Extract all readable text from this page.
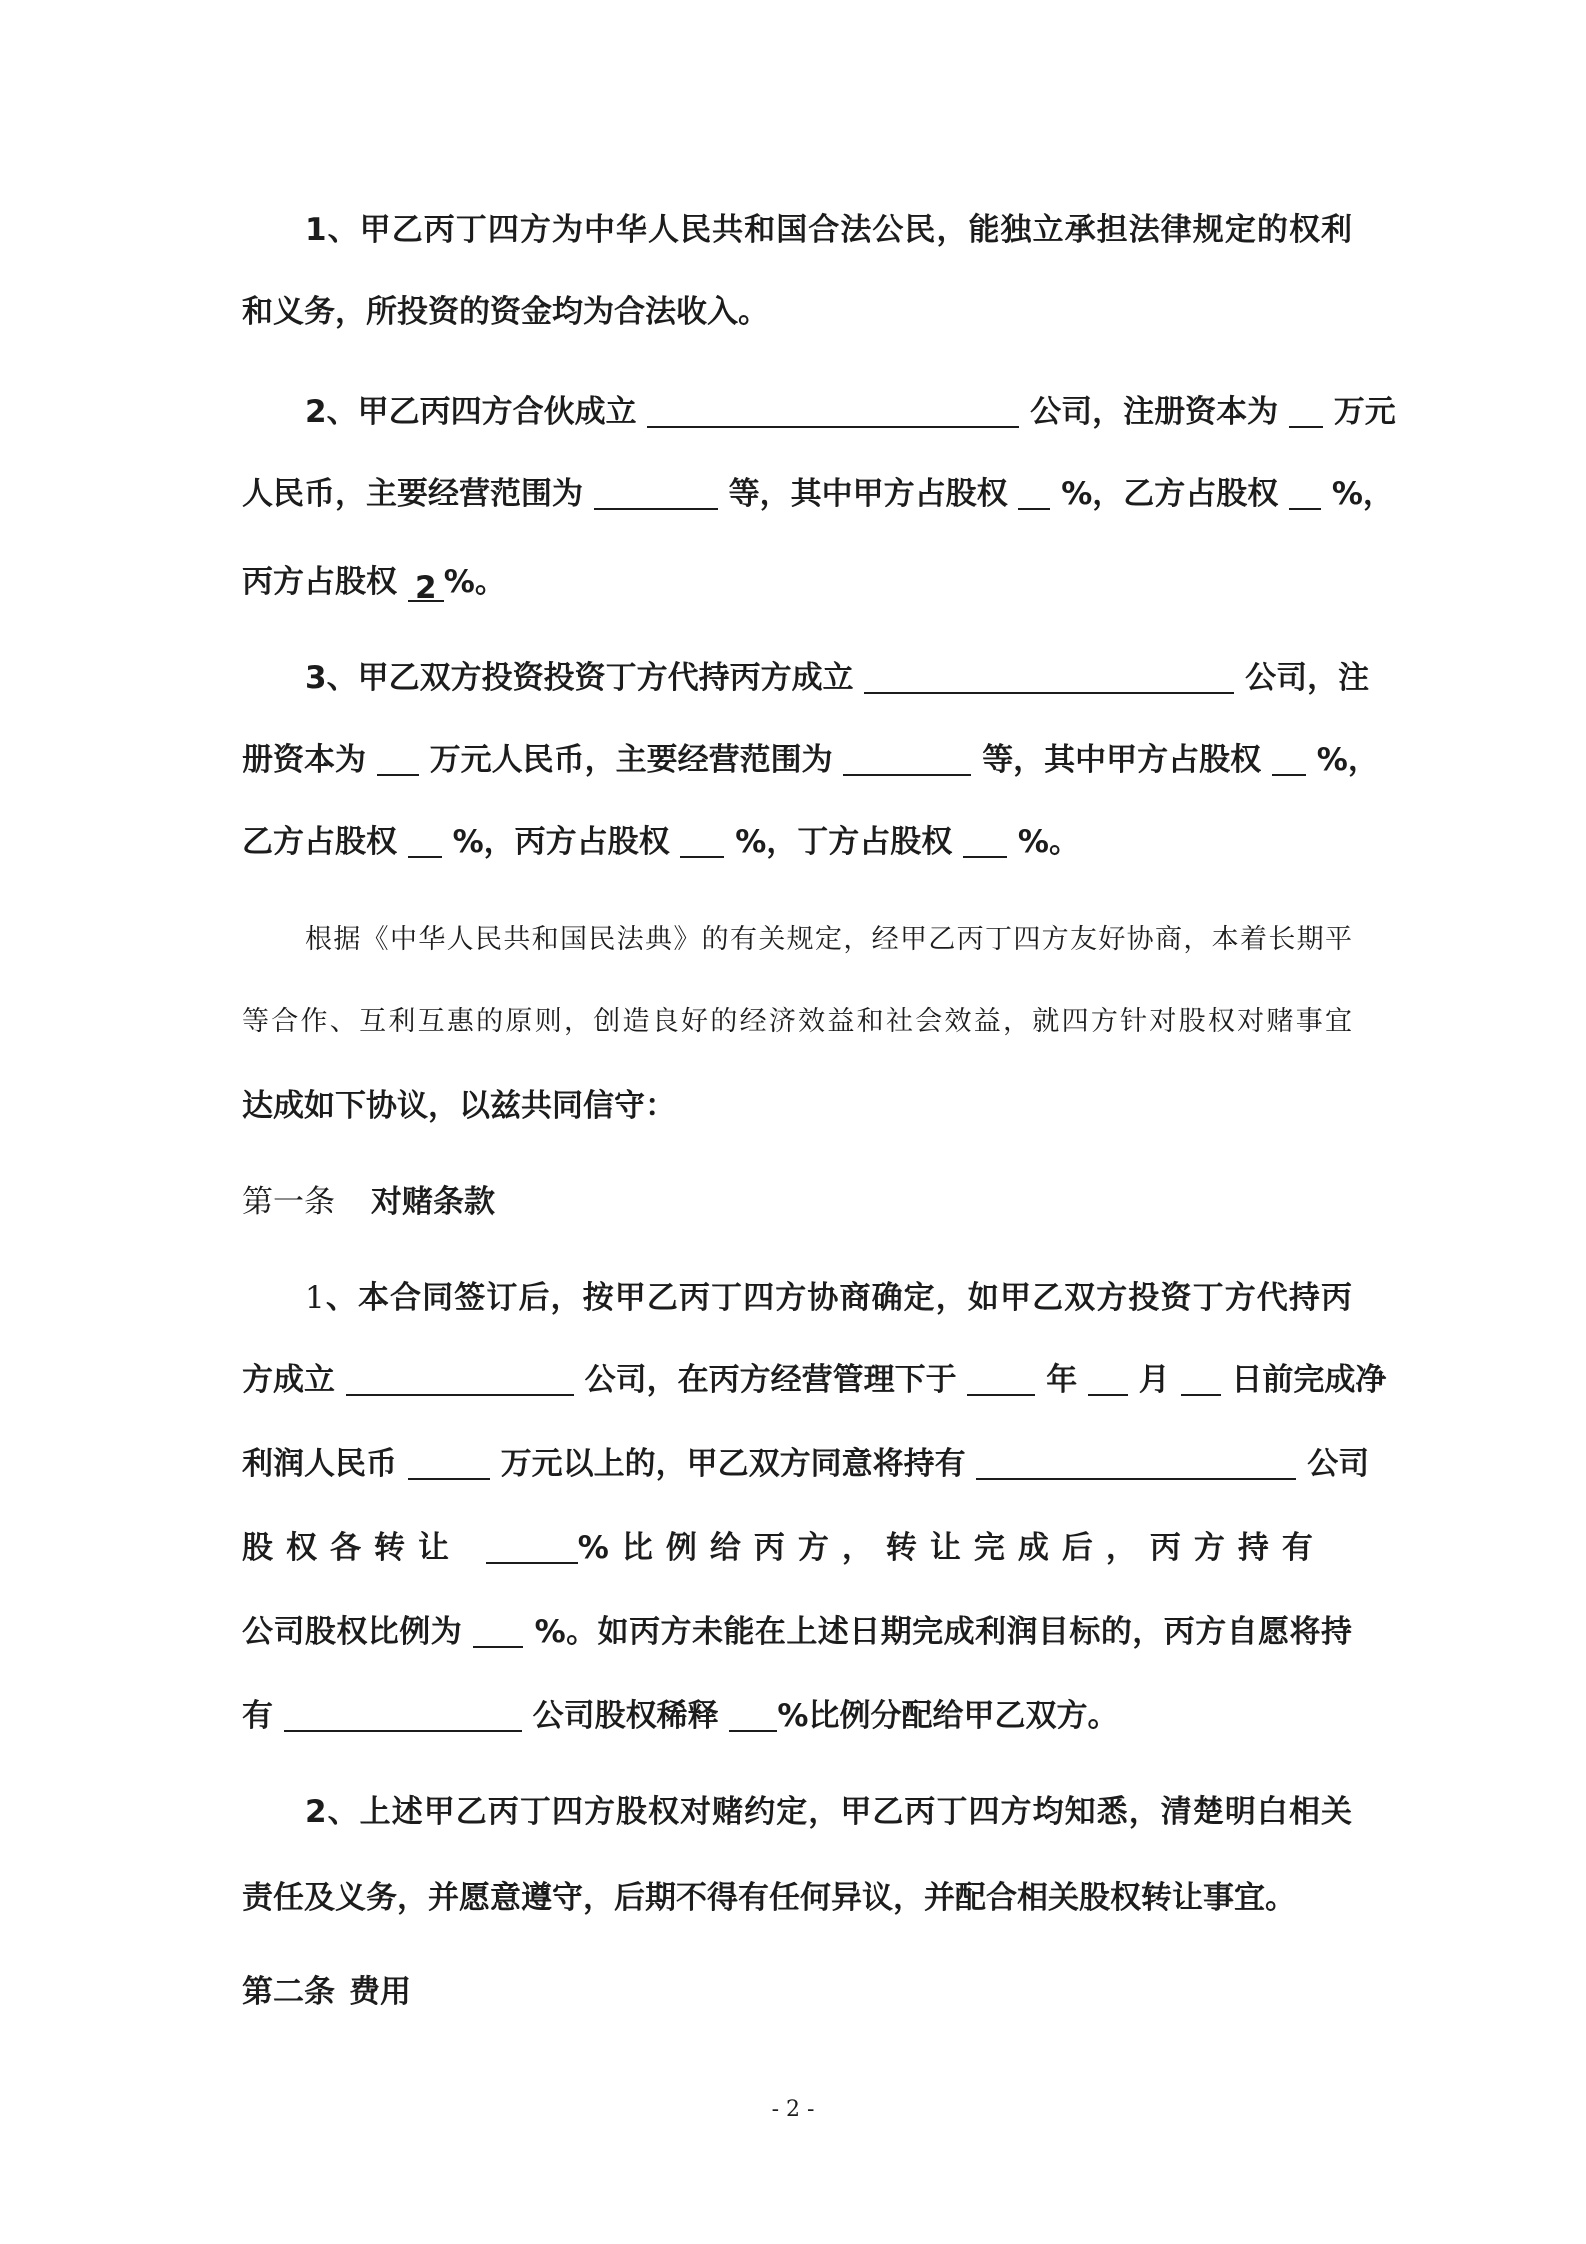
1、甲乙丙丁四方为中华人民共和国合法公民，能独立承担法律规定的权利

和义务，所投资的资金均为合法收入。

2、甲乙丙四方合伙成立	公司，注册资本为 万元

人民币，主要经营范围为	等，其中甲方占股权 %，乙方占股权 %，

丙方占股权 2 %。

3、甲乙双方投资投资丁方代持丙方成立	公司，注

册资本为 万元人民币，主要经营范围为	等，其中甲方占股权 %，

乙方占股权 %，丙方占股权 %，丁方占股权 %。

根据《中华人民共和国民法典》的有关规定，经甲乙丙丁四方友好协商，本着长期平

等合作、互利互惠的原则，创造良好的经济效益和社会效益，就四方针对股权对赌事宜

达成如下协议，以兹共同信守：

第一条 对赌条款

1、本合同签订后，按甲乙丙丁四方协商确定，如甲乙双方投资丁方代持丙

方成立	公司，在丙方经营管理下于	年 月 日前完成净

利润人民币	万元以上的，甲乙双方同意将持有	公司

股权各转让	%比例给丙方，转让完成后，丙方持有

公司股权比例为 %。如丙方未能在上述日期完成利润目标的，丙方自愿将持

有	公司股权稀释 %比例分配给甲乙双方。

2、上述甲乙丙丁四方股权对赌约定，甲乙丙丁四方均知悉，清楚明白相关

责任及义务，并愿意遵守，后期不得有任何异议，并配合相关股权转让事宜。

第二条 费用

- 2 -
